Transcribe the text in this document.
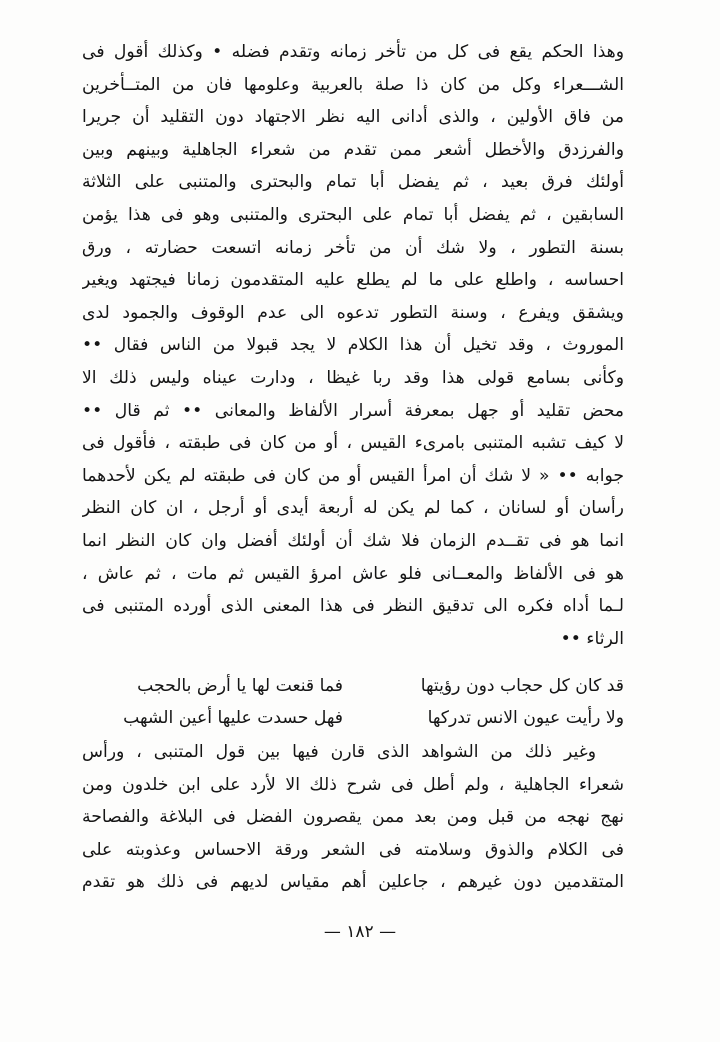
وهذا الحكم يقع فى كل من تأخر زمانه وتقدم فضله • وكذلك أقول فى
الشـــعراء وكل من كان ذا صلة بالعربية وعلومها فان من المتــأخرين
من فاق الأولين ، والذى أدانى اليه نظر الاجتهاد دون التقليد أن جريرا
والفرزدق والأخطل أشعر ممن تقدم من شعراء الجاهلية وبينهم وبين
أولئك فرق بعيد ، ثم يفضل أبا تمام والبحترى والمتنبى على الثلاثة
السابقين ، ثم يفضل أبا تمام على البحترى والمتنبى وهو فى هذا يؤمن
بسنة التطور ، ولا شك أن من تأخر زمانه اتسعت حضارته ، ورق
احساسه ، واطلع على ما لم يطلع عليه المتقدمون زمانا فيجتهد ويغير
ويشقق ويفرع ، وسنة التطور تدعوه الى عدم الوقوف والجمود لدى
الموروث ، وقد تخيل أن هذا الكلام لا يجد قبولا من الناس فقال ••
وكأنى بسامع قولى هذا وقد ربا غيظا ، ودارت عيناه وليس ذلك الا
محض تقليد أو جهل بمعرفة أسرار الألفاظ والمعانى •• ثم قال ••
لا كيف تشبه المتنبى بامرىء القيس ، أو من كان فى طبقته ، فأقول فى
جوابه •• « لا شك أن امرأ القيس أو من كان فى طبقته لم يكن لأحدهما
رأسان أو لسانان ، كما لم يكن له أربعة أيدى أو أرجل ، ان كان النظر
انما هو فى تقــدم الزمان فلا شك أن أولئك أفضل وان كان النظر انما
هو فى الألفاظ والمعــانى فلو عاش امرؤ القيس ثم مات ، ثم عاش ،
لـما أداه فكره الى تدقيق النظر فى هذا المعنى الذى أورده المتنبى فى
الرثاء ••
قد كان كل حجاب دون رؤيتها
فما قنعت لها يا أرض بالحجب
ولا رأيت عيون الانس تدركها
فهل حسدت عليها أعين الشهب
وغير ذلك من الشواهد الذى قارن فيها بين قول المتنبى ، ورأس
شعراء الجاهلية ، ولم أطل فى شرح ذلك الا لأرد على ابن خلدون ومن
نهج نهجه من قبل ومن بعد ممن يقصرون الفضل فى البلاغة والفصاحة
فى الكلام والذوق وسلامته فى الشعر ورقة الاحساس وعذوبته على
المتقدمين دون غيرهم ، جاعلين أهم مقياس لديهم فى ذلك هو تقدم
— ١٨٢ —
